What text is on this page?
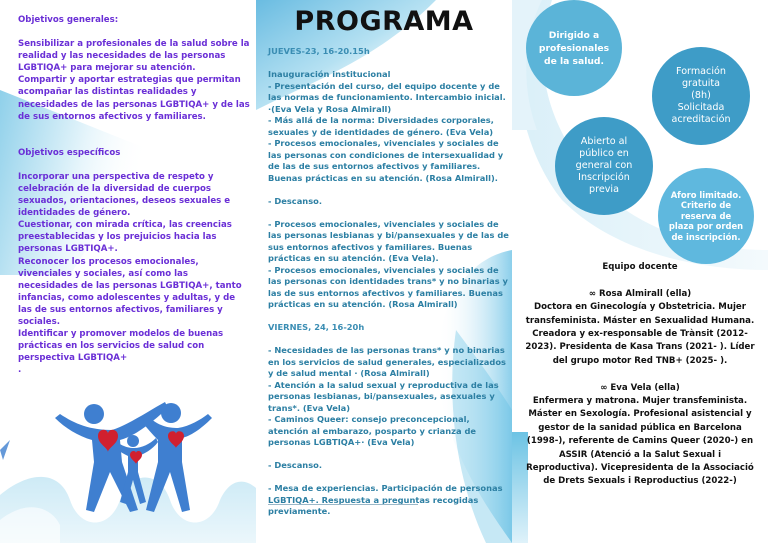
Objetivos generales:

Sensibilizar a profesionales de la salud sobre la realidad y las necesidades de las personas LGBTIQA+ para mejorar su atención.

Compartir y aportar estrategias que permitan acompañar las distintas realidades y necesidades de las personas LGBTIQA+ y de las de sus entornos afectivos y familiares.

Objetivos específicos

Incorporar una perspectiva de respeto y celebración de la diversidad de cuerpos sexuados, orientaciones, deseos sexuales e identidades de género.

Cuestionar, con mirada crítica, las creencias preestablecidas y los prejuicios hacia las personas LGBTIQA+.

Reconocer los procesos emocionales, vivenciales y sociales, así como las necesidades de las personas LGBTIQA+, tanto infancias, como adolescentes y adultas, y de las de sus entornos afectivos, familiares y sociales.

Identificar y promover modelos de buenas prácticas en los servicios de salud con perspectiva LGBTIQA+

.

PROGRAMA

JUEVES-23, 16-20.15h

Inauguración institucional

- Presentación del curso, del equipo docente y de las normas de funcionamiento. Intercambio inicial. ·(Eva Vela y Rosa Almirall)

- Más allá de la norma: Diversidades corporales, sexuales y de identidades de género. (Eva Vela)

- Procesos emocionales, vivenciales y sociales de las personas con condiciones de intersexualidad y de las de sus entornos afectivos y familiares. Buenas prácticas en su atención. (Rosa Almirall).

- Descanso.

- Procesos emocionales, vivenciales y sociales de las personas lesbianas y bi/pansexuales y de las de sus entornos afectivos y familiares. Buenas prácticas en su atención. (Eva Vela).

- Procesos emocionales, vivenciales y sociales de las personas con identidades trans* y no binarias y las de sus entornos afectivos y familiares. Buenas prácticas en su atención. (Rosa Almirall)

VIERNES, 24, 16-20h

- Necesidades de las personas trans* y no binarias en los servicios de salud generales, especializados y de salud mental · (Rosa Almirall)

- Atención a la salud sexual y reproductiva de las personas lesbianas, bi/pansexuales, asexuales y trans*. (Eva Vela)

- Caminos Queer: consejo preconcepcional, atención al embarazo, posparto y crianza de personas LGBTIQA+· (Eva Vela)

- Descanso.

- Mesa de experiencias. Participación de personas LGBTIQA+. Respuesta a preguntas recogidas previamente.

Dirigido a
profesionales
de la salud.
Formación
gratuita
(8h)
Solicitada
acreditación
Abierto al
público en
general con
Inscripción
previa	Aforo limitado.
Criterio de
reserva de
plaza por orden
de inscripción.

Equipo docente

∞ Rosa Almirall (ella)

Doctora en Ginecología y Obstetricia. Mujer transfeminista. Máster en Sexualidad Humana. Creadora y ex-responsable de Trànsit (2012-2023). Presidenta de Kasa Trans (2021- ). Líder del grupo motor Red TNB+ (2025- ).

∞ Eva Vela (ella)

Enfermera y matrona. Mujer transfeminista. Máster en Sexología. Profesional asistencial y gestor de la sanidad pública en Barcelona (1998-), referente de Camins Queer (2020-) en ASSIR (Atenció a la Salut Sexual i Reproductiva). Vicepresidenta de la Associació de Drets Sexuals i Reproductius (2022-)
